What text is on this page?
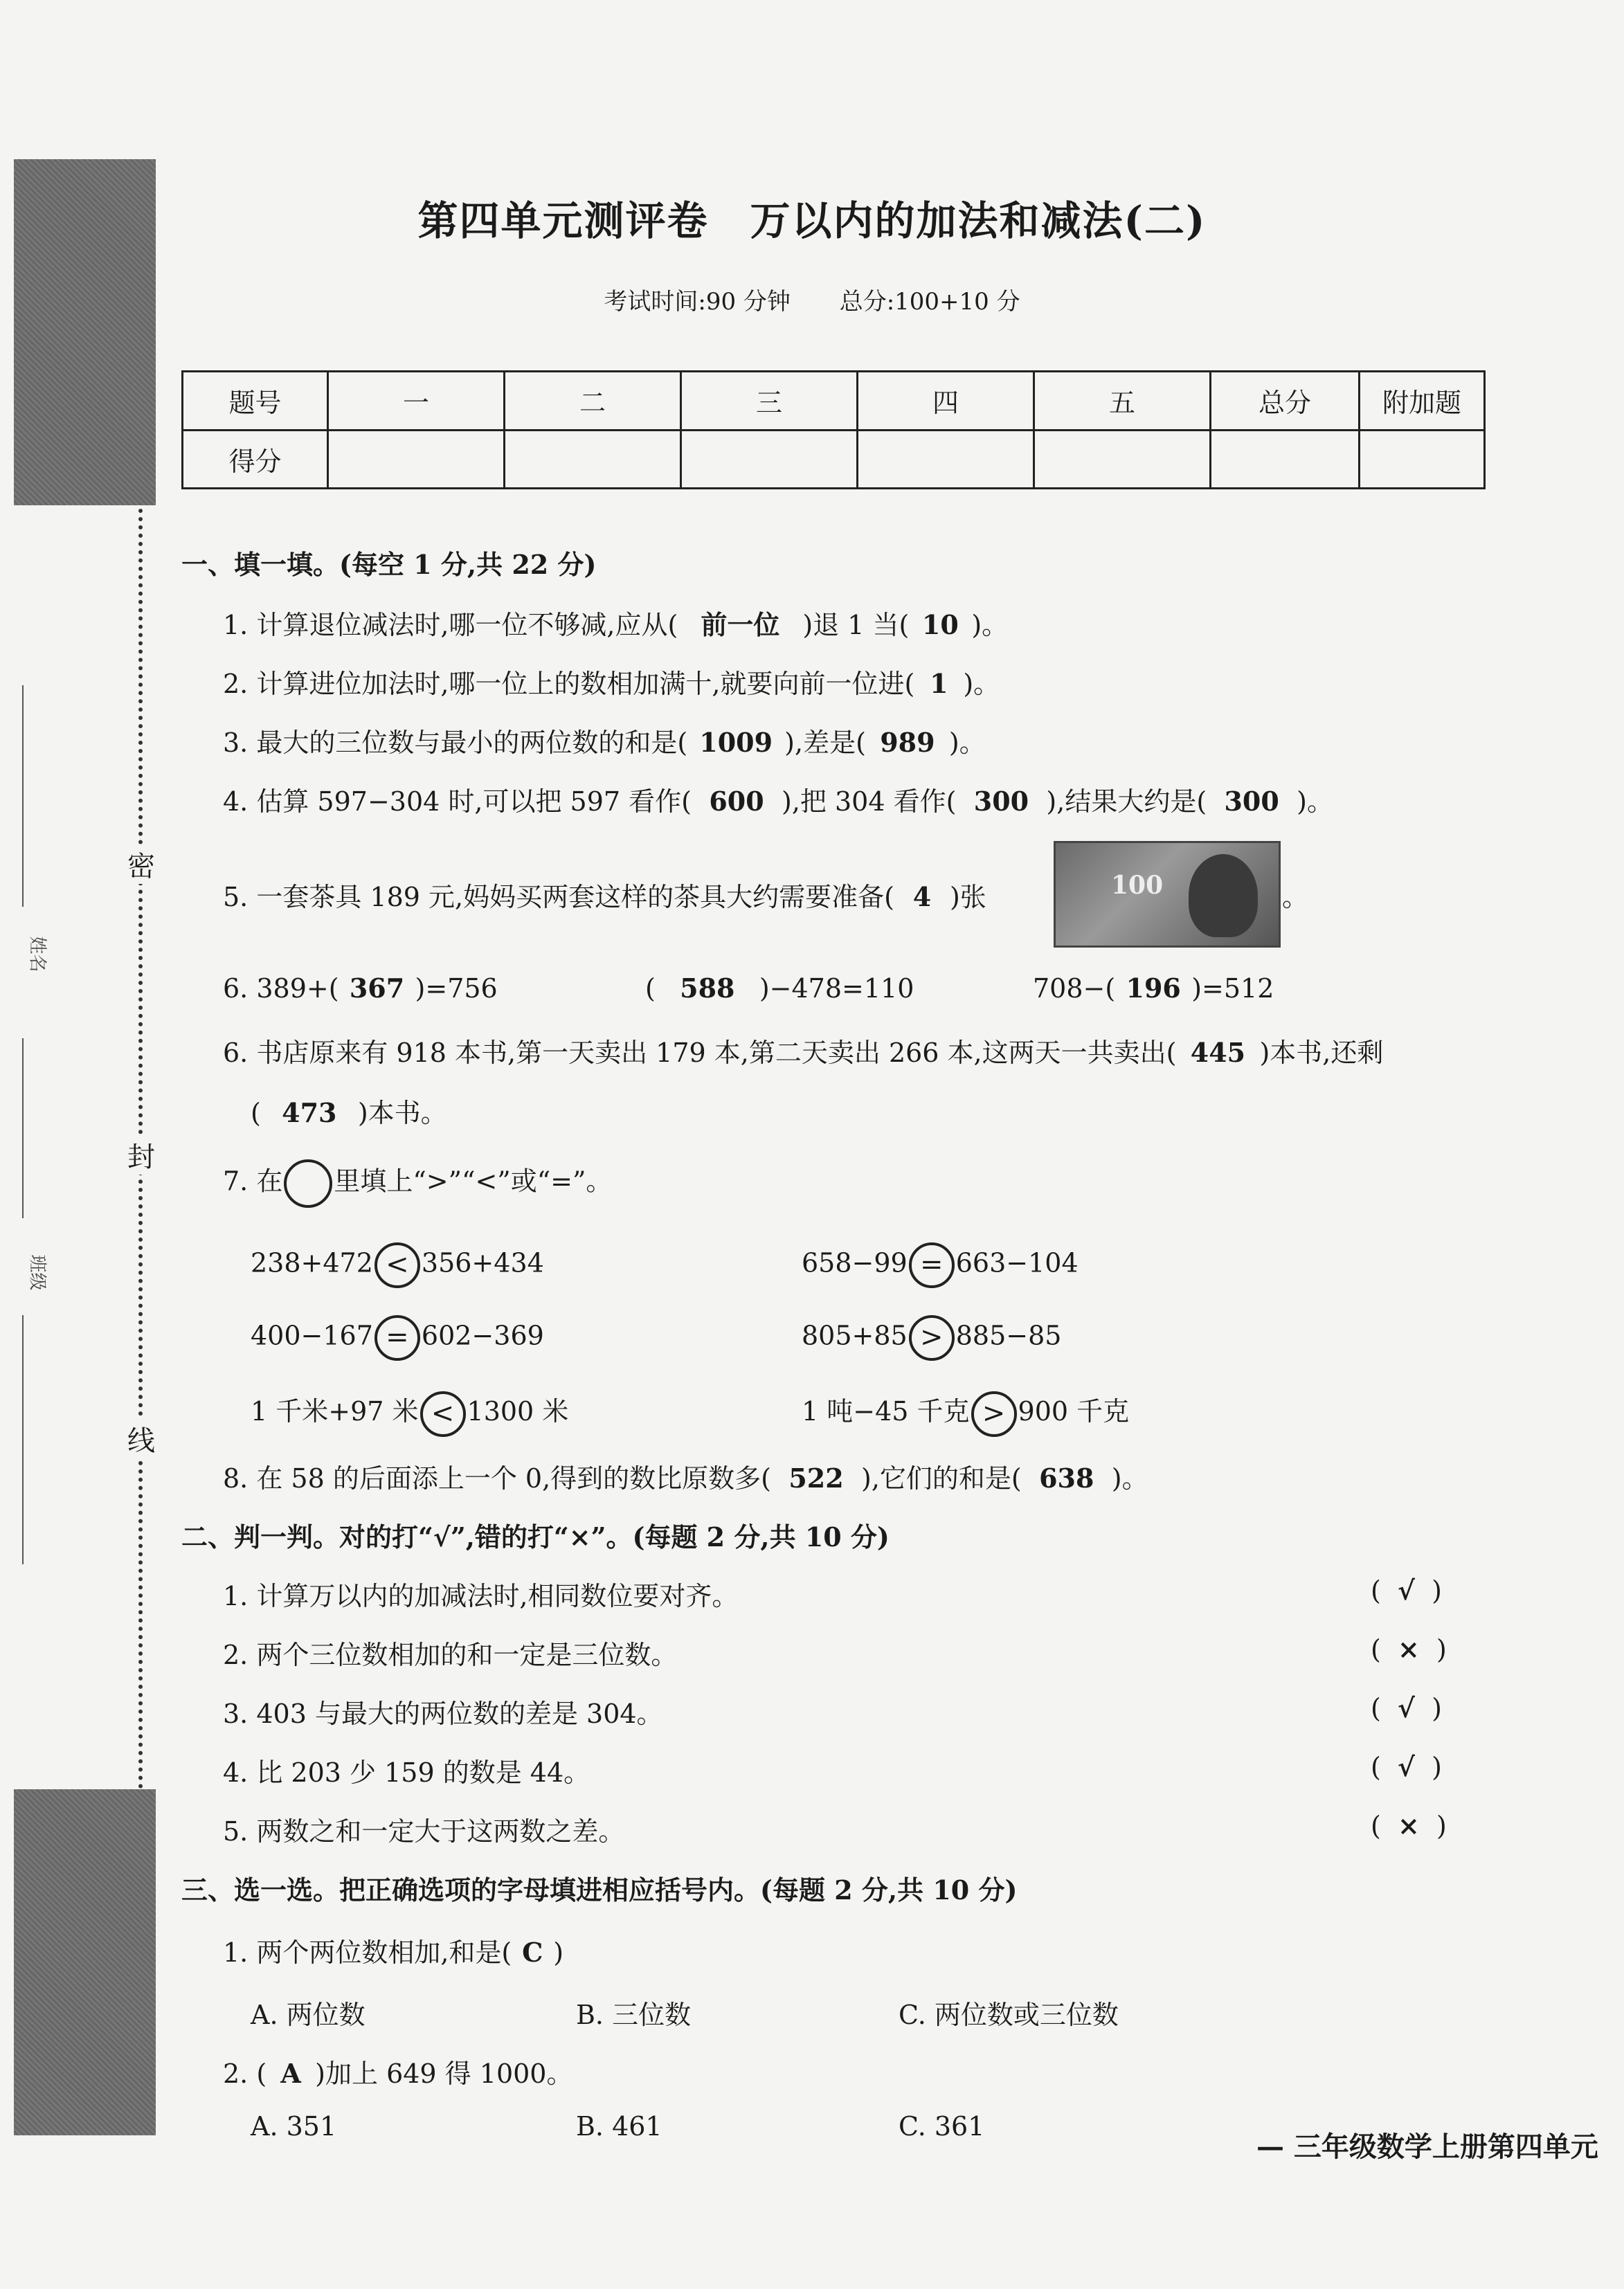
密
封
线
姓名
班级
第四单元测评卷　万以内的加法和减法(二)
考试时间:90 分钟 总分:100+10 分
题号	一	二	三	四	五	总分	附加题
得分							
一、填一填。(每空 1 分,共 22 分)
1. 计算退位减法时,哪一位不够减,应从( 前一位 )退 1 当( 10 )。
2. 计算进位加法时,哪一位上的数相加满十,就要向前一位进( 1 )。
3. 最大的三位数与最小的两位数的和是( 1009 ),差是( 989 )。
4. 估算 597−304 时,可以把 597 看作( 600 ),把 304 看作( 300 ),结果大约是( 300 )。
5. 一套茶具 189 元,妈妈买两套这样的茶具大约需要准备( 4 )张	100	。
6. 389+( 367 )=756	( 588 )−478=110	708−( 196 )=512
6. 书店原来有 918 本书,第一天卖出 179 本,第二天卖出 266 本,这两天一共卖出( 445 )本书,还剩
( 473 )本书。
7. 在 里填上“>”“<”或“=”。
238+472 < 356+434	658−99 = 663−104
400−167 = 602−369	805+85 > 885−85
1 千米+97 米 < 1300 米	1 吨−45 千克 > 900 千克
8. 在 58 的后面添上一个 0,得到的数比原数多( 522 ),它们的和是( 638 )。
二、判一判。对的打“√”,错的打“×”。(每题 2 分,共 10 分)
1. 计算万以内的加减法时,相同数位要对齐。	(  √  )
2. 两个三位数相加的和一定是三位数。	(  ×  )
3. 403 与最大的两位数的差是 304。	(  √  )
4. 比 203 少 159 的数是 44。	(  √  )
5. 两数之和一定大于这两数之差。	(  ×  )
三、选一选。把正确选项的字母填进相应括号内。(每题 2 分,共 10 分)
1. 两个两位数相加,和是( C )
A. 两位数	B. 三位数	C. 两位数或三位数
2. ( A )加上 649 得 1000。
A. 351	B. 461	C. 361
— 三年级数学上册第四单元
